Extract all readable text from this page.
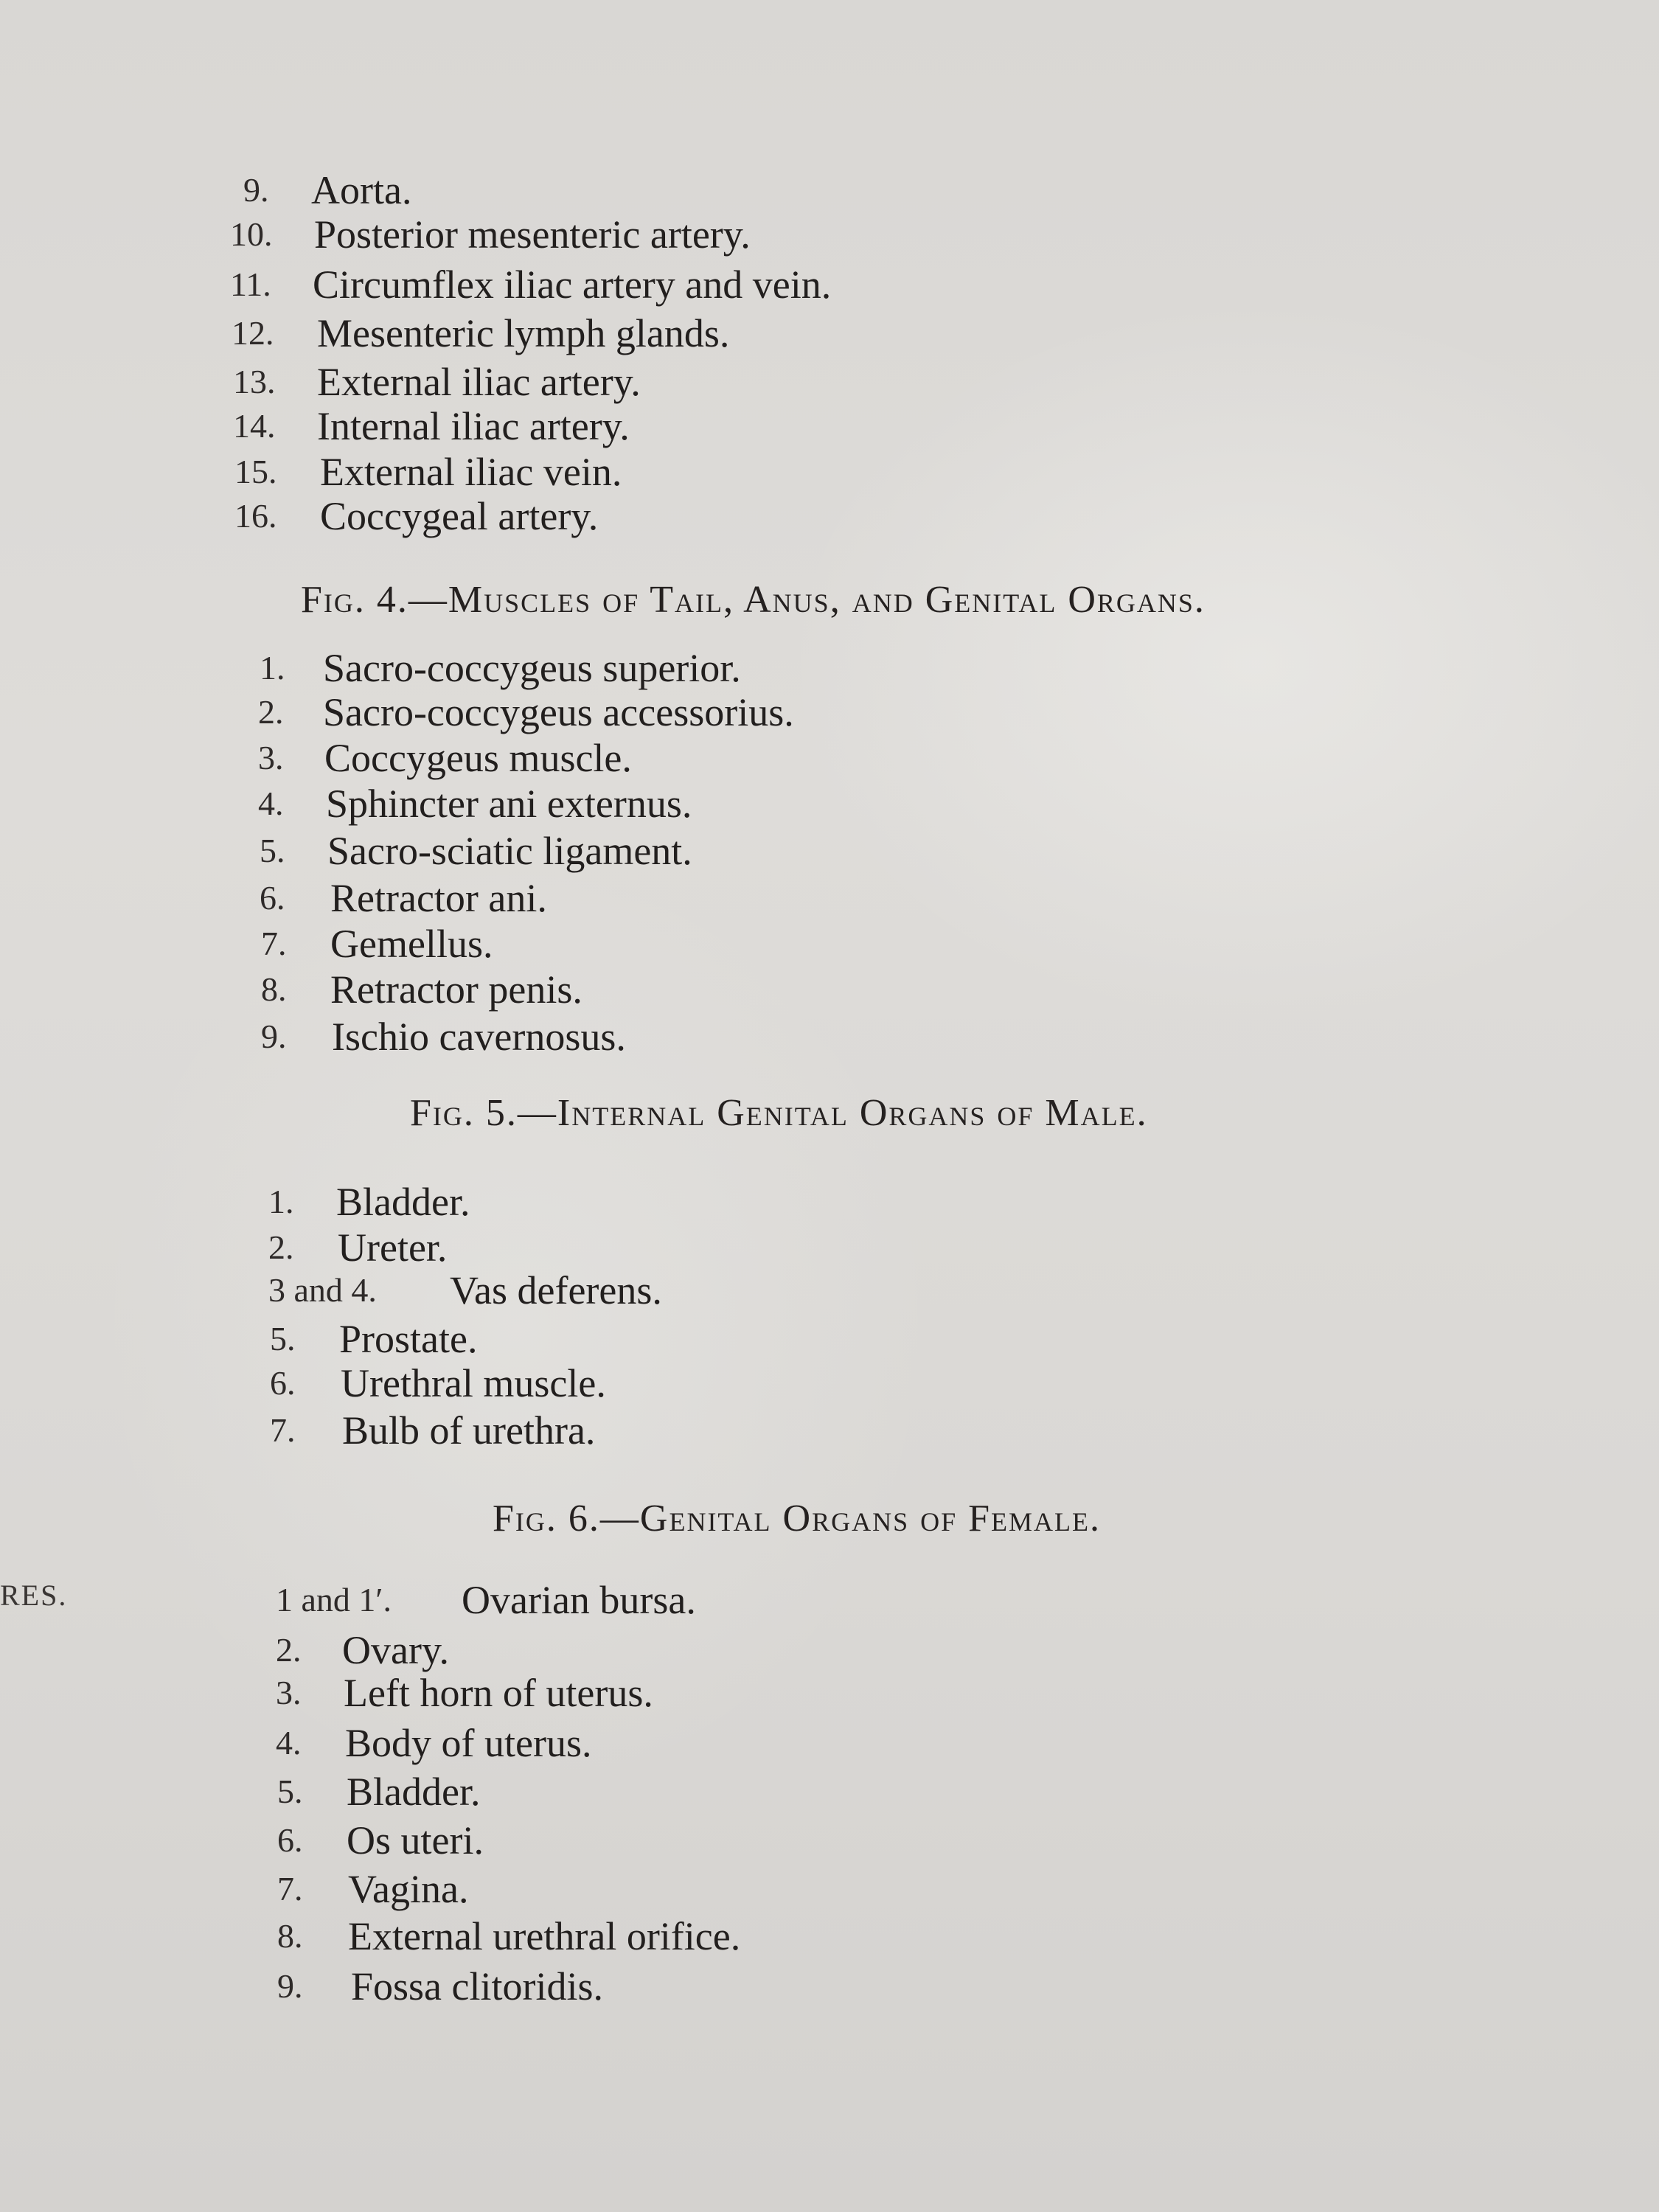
RES.
9. Aorta.
10. Posterior mesenteric artery.
11. Circumflex iliac artery and vein.
12. Mesenteric lymph glands.
13. External iliac artery.
14. Internal iliac artery.
15. External iliac vein.
16. Coccygeal artery.
Fig. 4.—Muscles of Tail, Anus, and Genital Organs.
1. Sacro-coccygeus superior.
2. Sacro-coccygeus accessorius.
3. Coccygeus muscle.
4. Sphincter ani externus.
5. Sacro-sciatic ligament.
6. Retractor ani.
7. Gemellus.
8. Retractor penis.
9. Ischio cavernosus.
Fig. 5.—Internal Genital Organs of Male.
1. Bladder.
2. Ureter.
3 and 4. Vas deferens.
5. Prostate.
6. Urethral muscle.
7. Bulb of urethra.
Fig. 6.—Genital Organs of Female.
1 and 1′. Ovarian bursa.
2. Ovary.
3. Left horn of uterus.
4. Body of uterus.
5. Bladder.
6. Os uteri.
7. Vagina.
8. External urethral orifice.
9. Fossa clitoridis.
